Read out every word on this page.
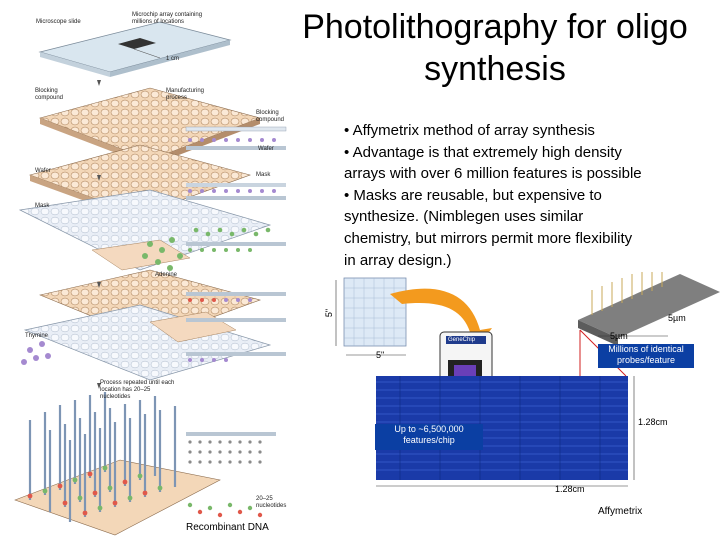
Photolithography for oligo
synthesis
• Affymetrix method of array synthesis
• Advantage is that extremely high density
arrays with over 6 million features is possible
• Masks are reusable, but expensive to
synthesize. (Nimblegen uses similar
chemistry, but mirrors permit more flexibility
in array design.)
Microscope slide
Microchip array containing millions of locations
1 cm
Blocking compound
Manufacturing process
Blocking compound
Wafer
Wafer
Mask
Mask
Adenine
Thymine
Process repeated until each location has 20–25 nucleotides
20–25 nucleotides
Recombinant DNA
5"
5"
GeneChip
5µm
5µm
Millions of identical
probes/feature
Up to ~6,500,000
features/chip
1.28cm
1.28cm
Affymetrix
